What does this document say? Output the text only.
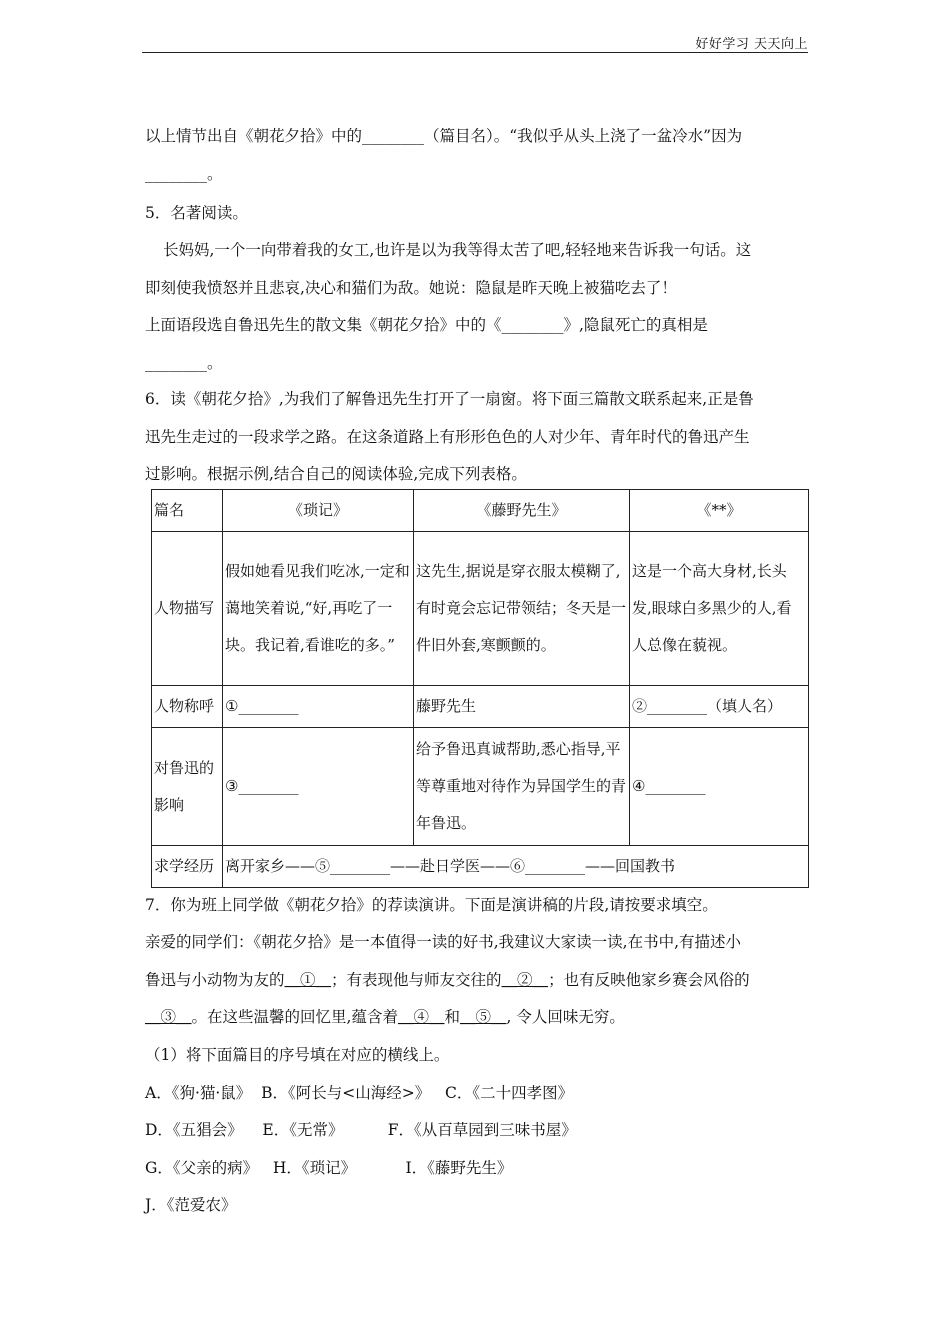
好好学习 天天向上
以上情节出自《朝花夕拾》中的________（篇目名）。“我似乎从头上浇了一盆冷水”因为
________。
5．名著阅读。
长妈妈,一个一向带着我的女工,也许是以为我等得太苦了吧,轻轻地来告诉我一句话。这
即刻使我愤怒并且悲哀,决心和猫们为敌。她说：隐鼠是昨天晚上被猫吃去了！
上面语段选自鲁迅先生的散文集《朝花夕拾》中的《________》,隐鼠死亡的真相是
________。
6．读《朝花夕拾》,为我们了解鲁迅先生打开了一扇窗。将下面三篇散文联系起来,正是鲁
迅先生走过的一段求学之路。在这条道路上有形形色色的人对少年、青年时代的鲁迅产生
过影响。根据示例,结合自己的阅读体验,完成下列表格。
篇名	《琐记》	《藤野先生》	《**》
人物描写	假如她看见我们吃冰,一定和蔼地笑着说,“好,再吃了一块。我记着,看谁吃的多。”	这先生,据说是穿衣服太模糊了,有时竟会忘记带领结；冬天是一件旧外套,寒颤颤的。	这是一个高大身材,长头发,眼球白多黑少的人,看人总像在藐视。
人物称呼	①________	藤野先生	②________（填人名）
对鲁迅的影响	③________	给予鲁迅真诚帮助,悉心指导,平等尊重地对待作为异国学生的青年鲁迅。	④________
求学经历	离开家乡——⑤________——赴日学医——⑥________——回国教书		
7．你为班上同学做《朝花夕拾》的荐读演讲。下面是演讲稿的片段,请按要求填空。
亲爱的同学们：《朝花夕拾》是一本值得一读的好书,我建议大家读一读,在书中,有描述小
鲁迅与小动物为友的＿①＿；有表现他与师友交往的＿②＿；也有反映他家乡赛会风俗的
＿③＿。在这些温馨的回忆里,蕴含着＿④＿和＿⑤＿, 令人回味无穷。
（1）将下面篇目的序号填在对应的横线上。
A．《狗·猫·鼠》  B．《阿长与<山海经>》   C．《二十四孝图》
D．《五猖会》    E．《无常》         F．《从百草园到三味书屋》
G．《父亲的病》   H．《琐记》          I．《藤野先生》
J．《范爱农》
